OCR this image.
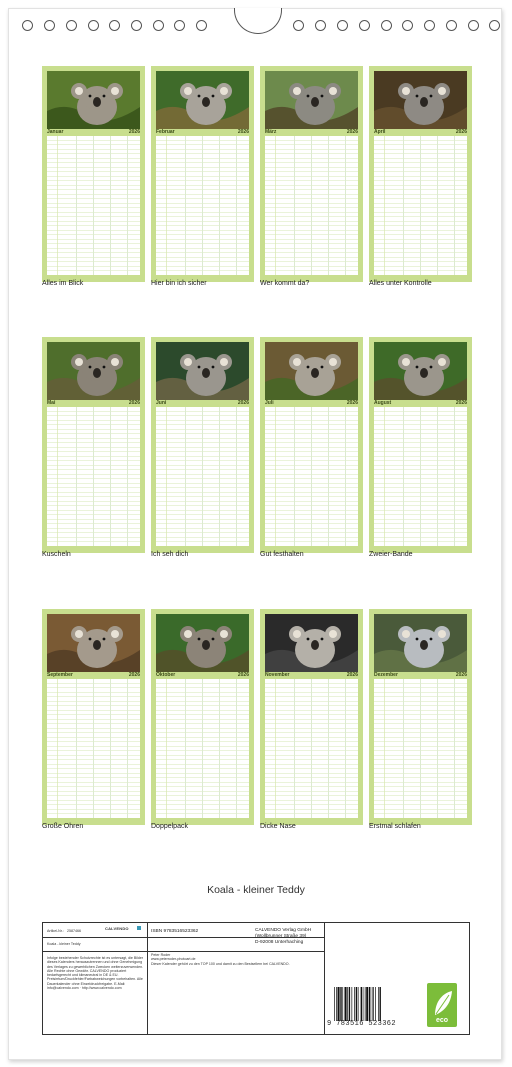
Januar	2026
Alles im Blick
Februar	2026
Hier bin ich sicher
März	2026
Wer kommt da?
April	2026
Alles unter Kontrolle
Mai	2026
Kuscheln
Juni	2026
Ich seh dich
Juli	2026
Gut festhalten
August	2026
Zweier-Bande
September	2026
Große Ohren
Oktober	2026
Doppelpack
November	2026
Dicke Nase
Dezember	2026
Erstmal schlafen
Koala - kleiner Teddy
Artikel-Nr.: 2587466	CALVENDO
Koala - kleiner Teddy
Infolge bestehender Schutzrechte ist es untersagt, die Bilder dieses Kalenders herauszutrennen und ohne Genehmigung des Verlages zu gewerblichen Zwecken weiterzuverwenden. Alle Rechte ohne Gewähr. CALVENDO produziert bedarfsgerecht und klimaneutral in DE & EU. Preisirrtum/Druckfehler/Farbabweichungen vorbehalten. Alle Dauerkalender ohne Einzeldruckfreigabe. E-Mail: info@calvendo.com · http://www.calvendo.com
ISBN 9783516523362
Peter Roder
www.peterroder-photoart.de
Dieser Kalender gehört zu den TOP 100 und damit zu den Bestsellern bei CALVENDO.
CALVENDO Verlag GmbH
(Wollbrunner Straße 39)
D-92008 Unterhaching
9 783516 523362	eco
